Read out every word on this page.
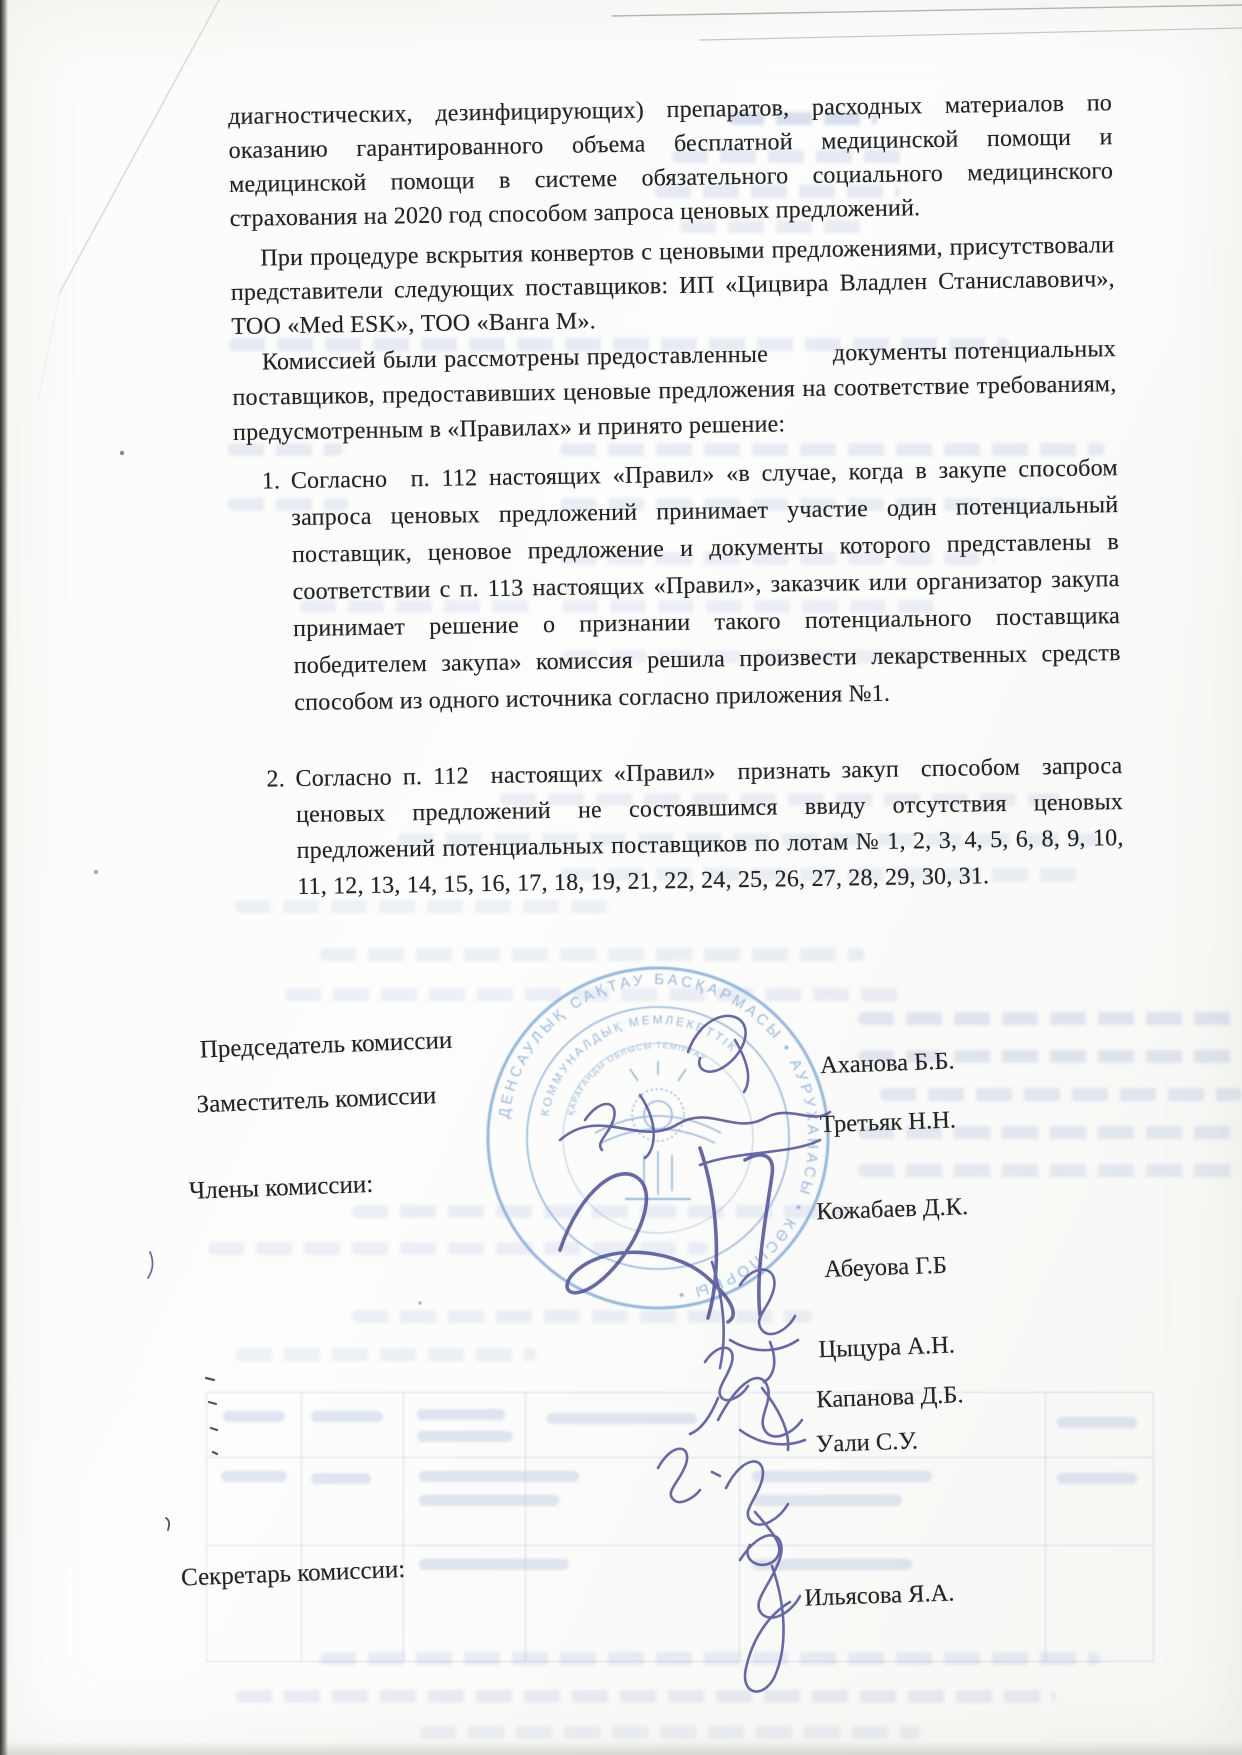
ДЕНСАУЛЫҚ САҚТАУ БАСҚАРМАСЫ • АУРУХАНАСЫ • КӘСІПОРНЫ •
КОММУНАЛДЫҚ МЕМЛЕКЕТТІК
ҚАРАҒАНДЫ ОБЛЫСЫ ТЕМІРТАУ
диагностических, дезинфицирующих) препаратов, расходных материалов по оказанию гарантированного объема бесплатной медицинской помощи и медицинской помощи в системе обязательного социального медицинского страхования на 2020 год способом запроса ценовых предложений.
При процедуре вскрытия конвертов с ценовыми предложениями, присутствовали представители следующих поставщиков: ИП «Цицвира Владлен Станиславович», ТОО «Med ESK», ТОО «Ванга М».
Комиссией были рассмотрены предоставленные         документы потенциальных поставщиков, предоставивших ценовые предложения на соответствие требованиям, предусмотренным в «Правилах» и принято решение:
1. Согласно  п. 112 настоящих «Правил» «в случае, когда в закупе способом запроса ценовых предложений принимает участие один потенциальный поставщик, ценовое предложение и документы которого представлены в соответствии с п. 113 настоящих «Правил», заказчик или организатор закупа принимает решение о признании такого потенциального поставщика победителем закупа» комиссия решила произвести лекарственных средств способом из одного источника согласно приложения №1.
2. Согласно п. 112  настоящих «Правил»  признать закуп  способом  запроса ценовых предложений не состоявшимся ввиду отсутствия ценовых предложений потенциальных поставщиков по лотам № 1, 2, 3, 4, 5, 6, 8, 9, 10, 11, 12, 13, 14, 15, 16, 17, 18, 19, 21, 22, 24, 25, 26, 27, 28, 29, 30, 31.
Председатель комиссии	Аханова Б.Б.
Заместитель комиссии
Третьяк Н.Н.
Члены комиссии:
Кожабаев Д.К.
Абеуова Г.Б
Цыцура А.Н.
Капанова Д.Б.
Уали С.У.
Секретарь комиссии:
Ильясова Я.А.
